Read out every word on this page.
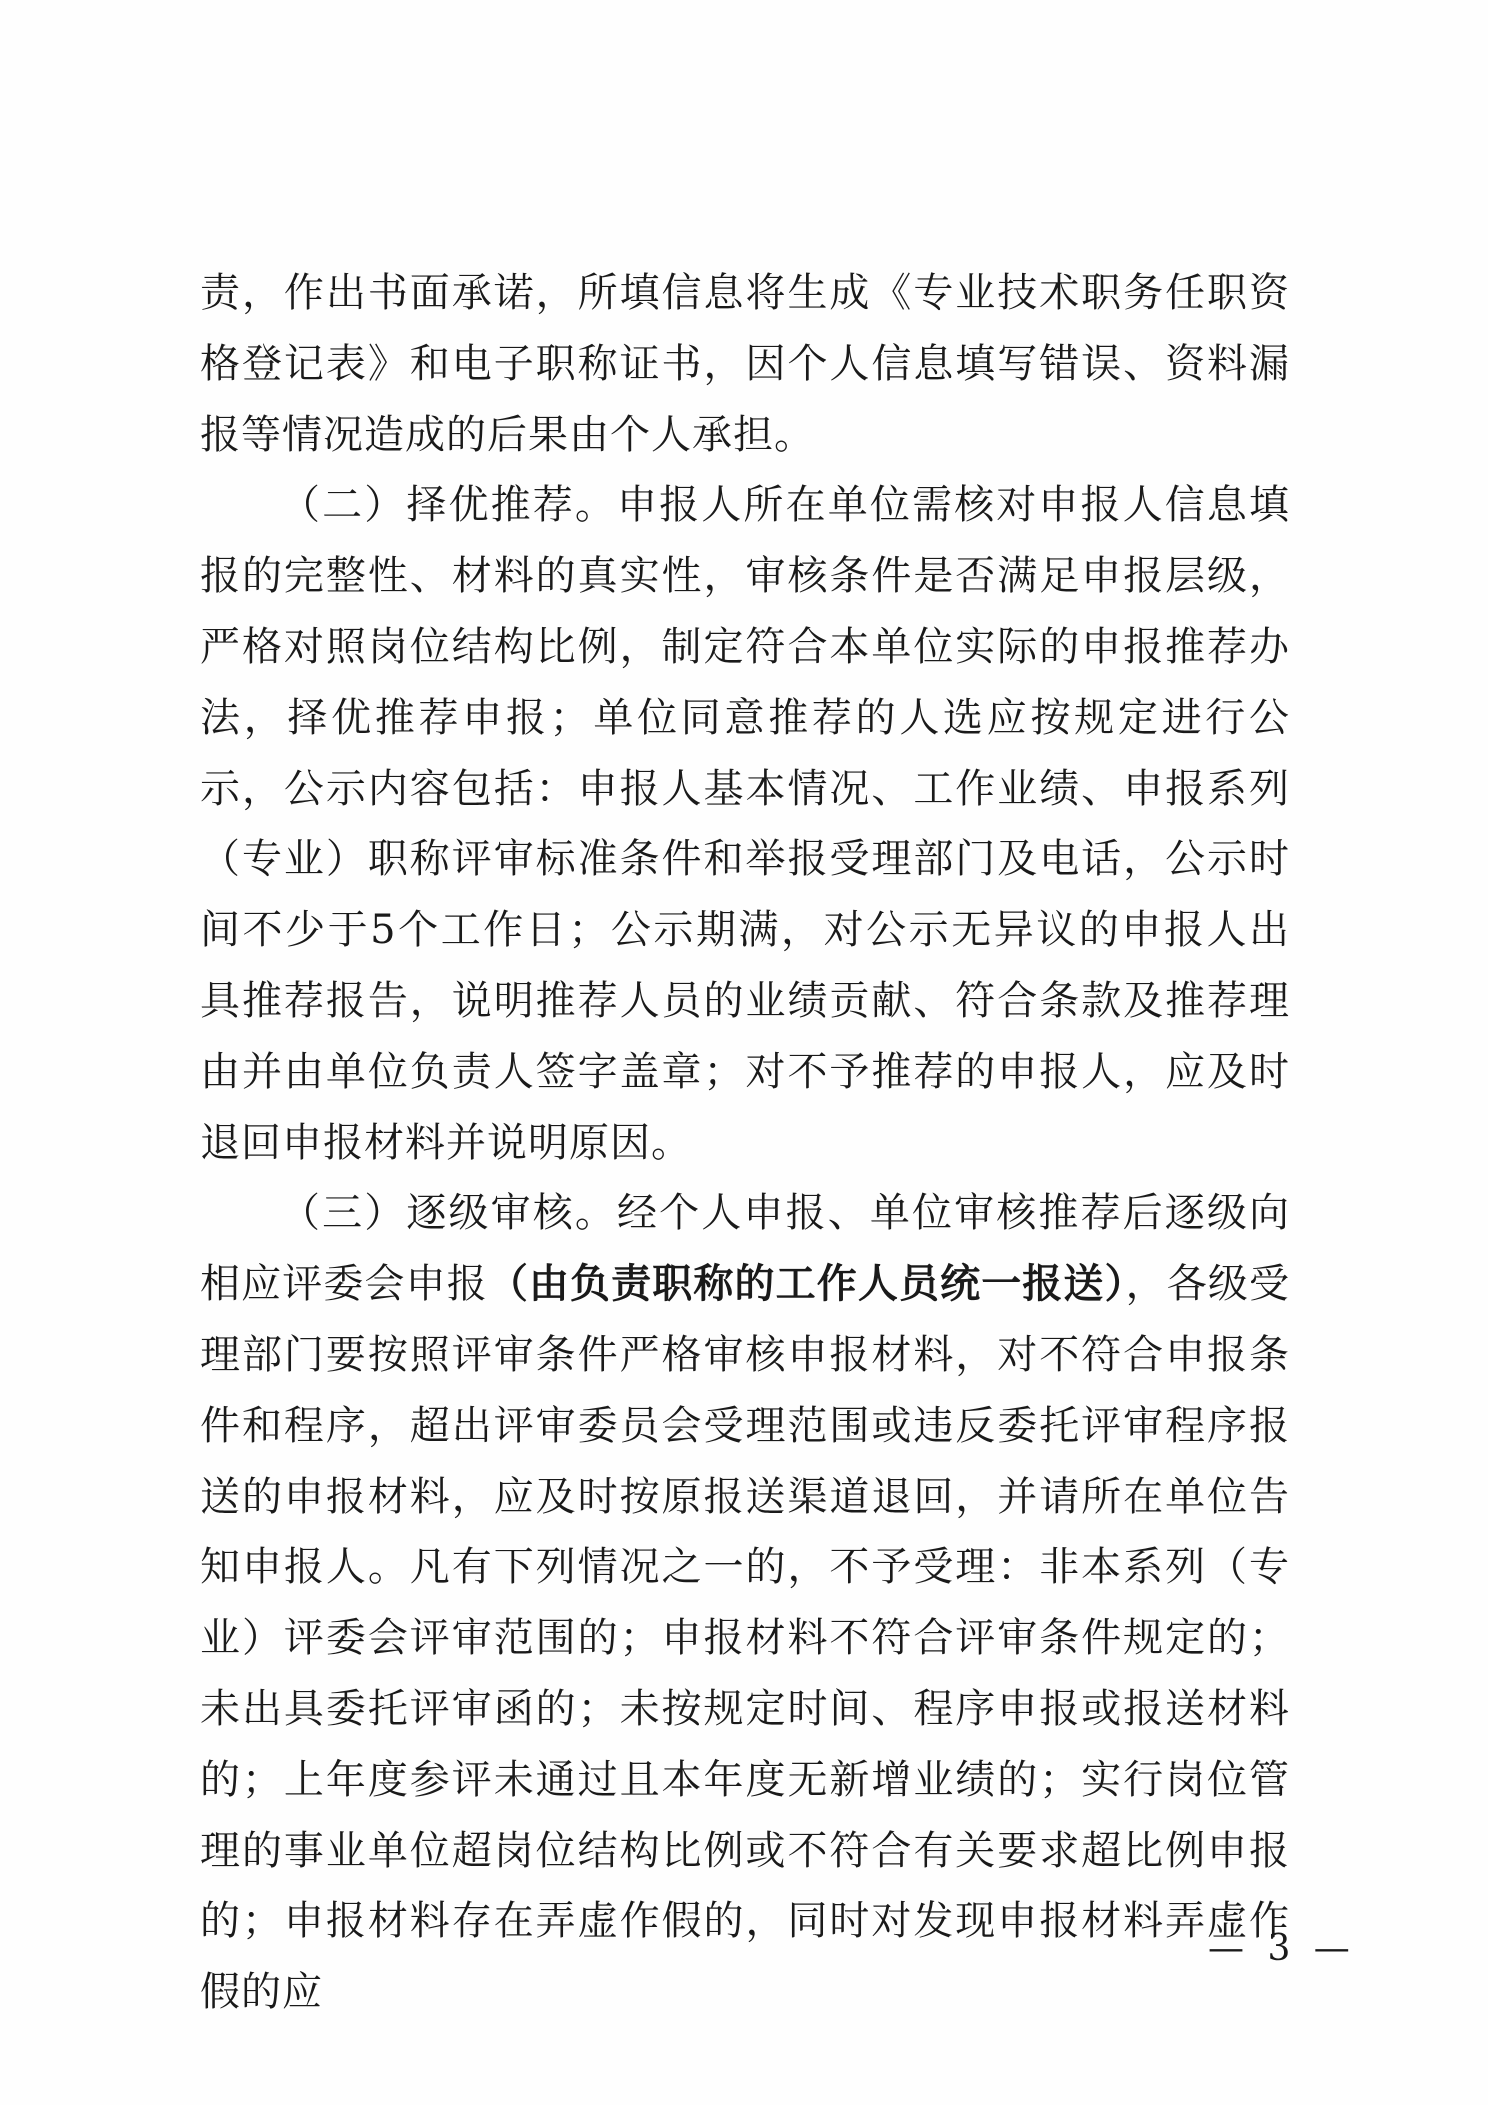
责，作出书面承诺，所填信息将生成《专业技术职务任职资格登记表》和电子职称证书，因个人信息填写错误、资料漏报等情况造成的后果由个人承担。

（二）择优推荐。申报人所在单位需核对申报人信息填报的完整性、材料的真实性，审核条件是否满足申报层级，严格对照岗位结构比例，制定符合本单位实际的申报推荐办法，择优推荐申报；单位同意推荐的人选应按规定进行公示，公示内容包括：申报人基本情况、工作业绩、申报系列（专业）职称评审标准条件和举报受理部门及电话，公示时间不少于5个工作日；公示期满，对公示无异议的申报人出具推荐报告，说明推荐人员的业绩贡献、符合条款及推荐理由并由单位负责人签字盖章；对不予推荐的申报人，应及时退回申报材料并说明原因。

（三）逐级审核。经个人申报、单位审核推荐后逐级向相应评委会申报（由负责职称的工作人员统一报送），各级受理部门要按照评审条件严格审核申报材料，对不符合申报条件和程序，超出评审委员会受理范围或违反委托评审程序报送的申报材料，应及时按原报送渠道退回，并请所在单位告知申报人。凡有下列情况之一的，不予受理：非本系列（专业）评委会评审范围的；申报材料不符合评审条件规定的；未出具委托评审函的；未按规定时间、程序申报或报送材料的；上年度参评未通过且本年度无新增业绩的；实行岗位管理的事业单位超岗位结构比例或不符合有关要求超比例申报的；申报材料存在弄虚作假的，同时对发现申报材料弄虚作假的应

— 3 —
